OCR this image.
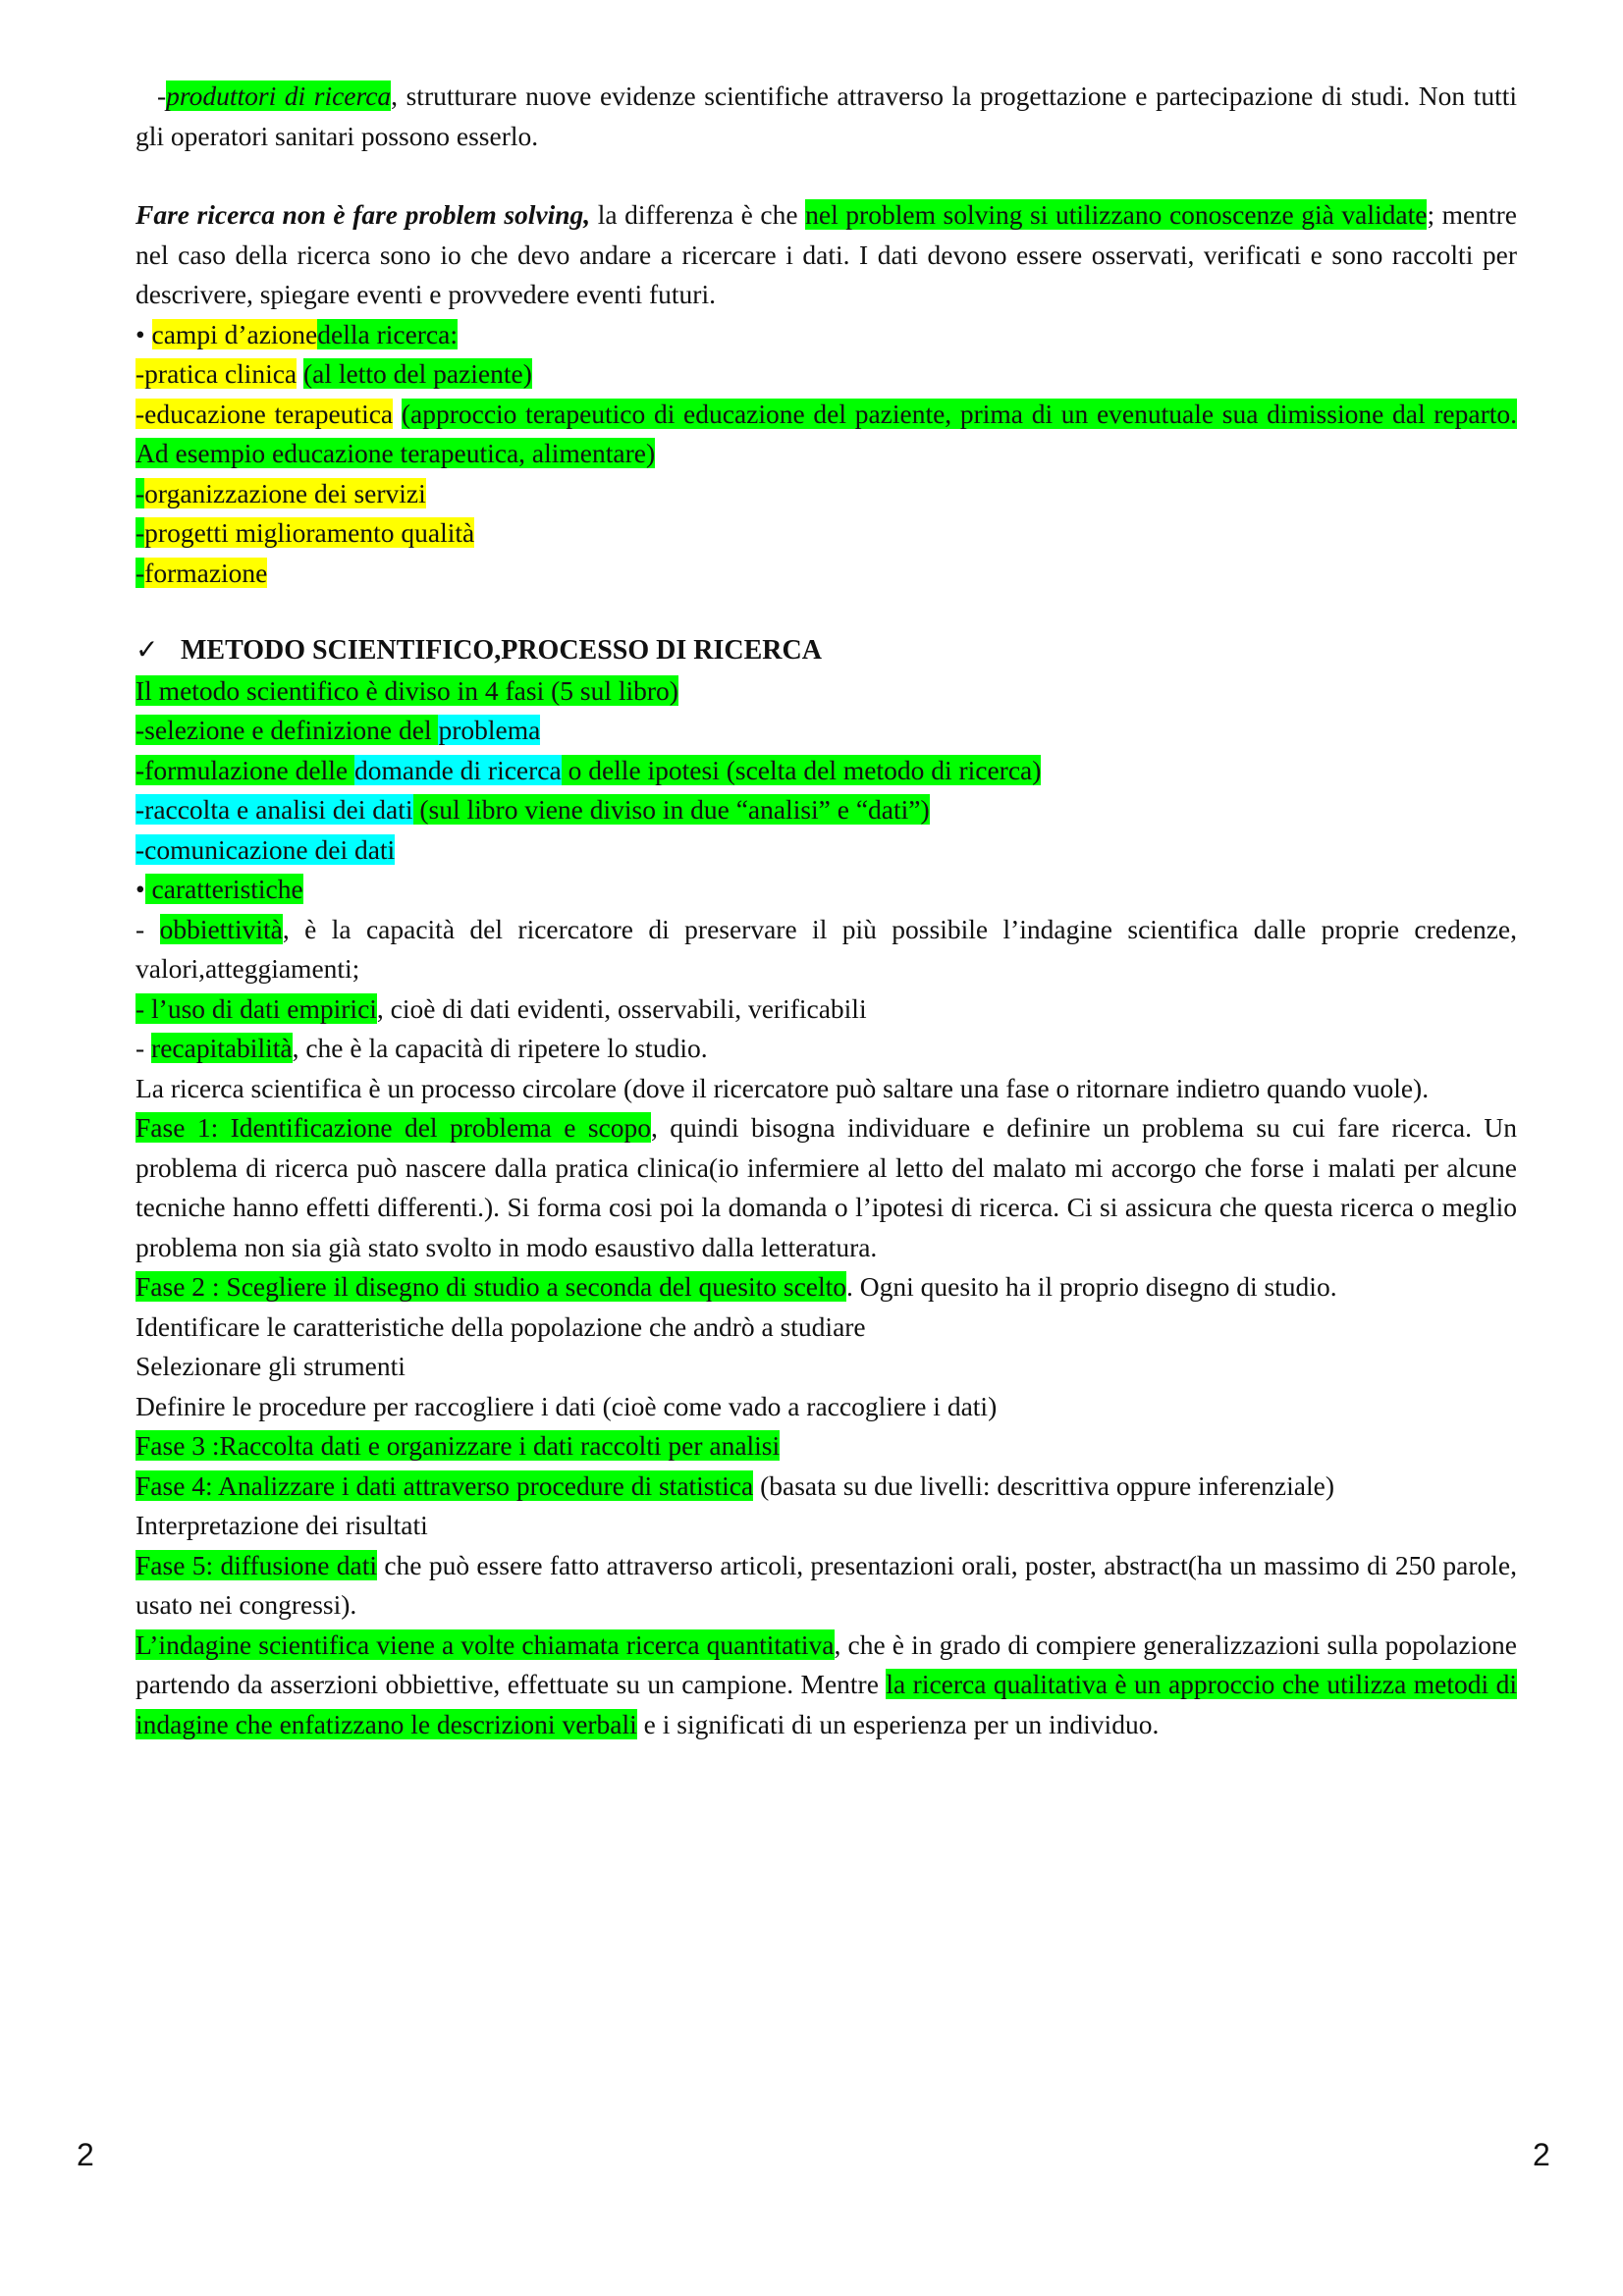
-produttori di ricerca, strutturare nuove evidenze scientifiche attraverso la progettazione e partecipazione di studi. Non tutti gli operatori sanitari possono esserlo.
Fare ricerca non è fare problem solving, la differenza è che nel problem solving si utilizzano conoscenze già validate; mentre nel caso della ricerca sono io che devo andare a ricercare i dati. I dati devono essere osservati, verificati e sono raccolti per descrivere, spiegare eventi e provvedere eventi futuri.
• campi d’azionedella ricerca:
-pratica clinica (al letto del paziente)
-educazione terapeutica (approccio terapeutico di educazione del paziente, prima di un evenutuale sua dimissione dal reparto. Ad esempio educazione terapeutica, alimentare)
-organizzazione dei servizi
-progetti miglioramento qualità
-formazione
✓ METODO SCIENTIFICO,PROCESSO DI RICERCA
Il metodo scientifico è diviso in 4 fasi (5 sul libro)
-selezione e definizione del problema
-formulazione delle domande di ricerca o delle ipotesi (scelta del metodo di ricerca)
-raccolta e analisi dei dati (sul libro viene diviso in due “analisi” e “dati”)
-comunicazione dei dati
• caratteristiche
- obbiettività, è la capacità del ricercatore di preservare il più possibile l’indagine scientifica dalle proprie credenze, valori,atteggiamenti;
- l’uso di dati empirici, cioè di dati evidenti, osservabili, verificabili
- recapitabilità, che è la capacità di ripetere lo studio.
La ricerca scientifica è un processo circolare (dove il ricercatore può saltare una fase o ritornare indietro quando vuole).
Fase 1: Identificazione del problema e scopo, quindi bisogna individuare e definire un problema su cui fare ricerca. Un problema di ricerca può nascere dalla pratica clinica(io infermiere al letto del malato mi accorgo che forse i malati per alcune tecniche hanno effetti differenti.). Si forma cosi poi la domanda o l’ipotesi di ricerca. Ci si assicura che questa ricerca o meglio problema non sia già stato svolto in modo esaustivo dalla letteratura.
Fase 2 : Scegliere il disegno di studio a seconda del quesito scelto. Ogni quesito ha il proprio disegno di studio.
Identificare le caratteristiche della popolazione che andrò a studiare
Selezionare gli strumenti
Definire le procedure per raccogliere i dati (cioè come vado a raccogliere i dati)
Fase 3 :Raccolta dati e organizzare i dati raccolti per analisi
Fase 4: Analizzare i dati attraverso procedure di statistica (basata su due livelli: descrittiva oppure inferenziale)
Interpretazione dei risultati
Fase 5: diffusione dati che può essere fatto attraverso articoli, presentazioni orali, poster, abstract(ha un massimo di 250 parole, usato nei congressi).
L’indagine scientifica viene a volte chiamata ricerca quantitativa, che è in grado di compiere generalizzazioni sulla popolazione partendo da asserzioni obbiettive, effettuate su un campione. Mentre la ricerca qualitativa è un approccio che utilizza metodi di indagine che enfatizzano le descrizioni verbali e i significati di un esperienza per un individuo.
2	2
